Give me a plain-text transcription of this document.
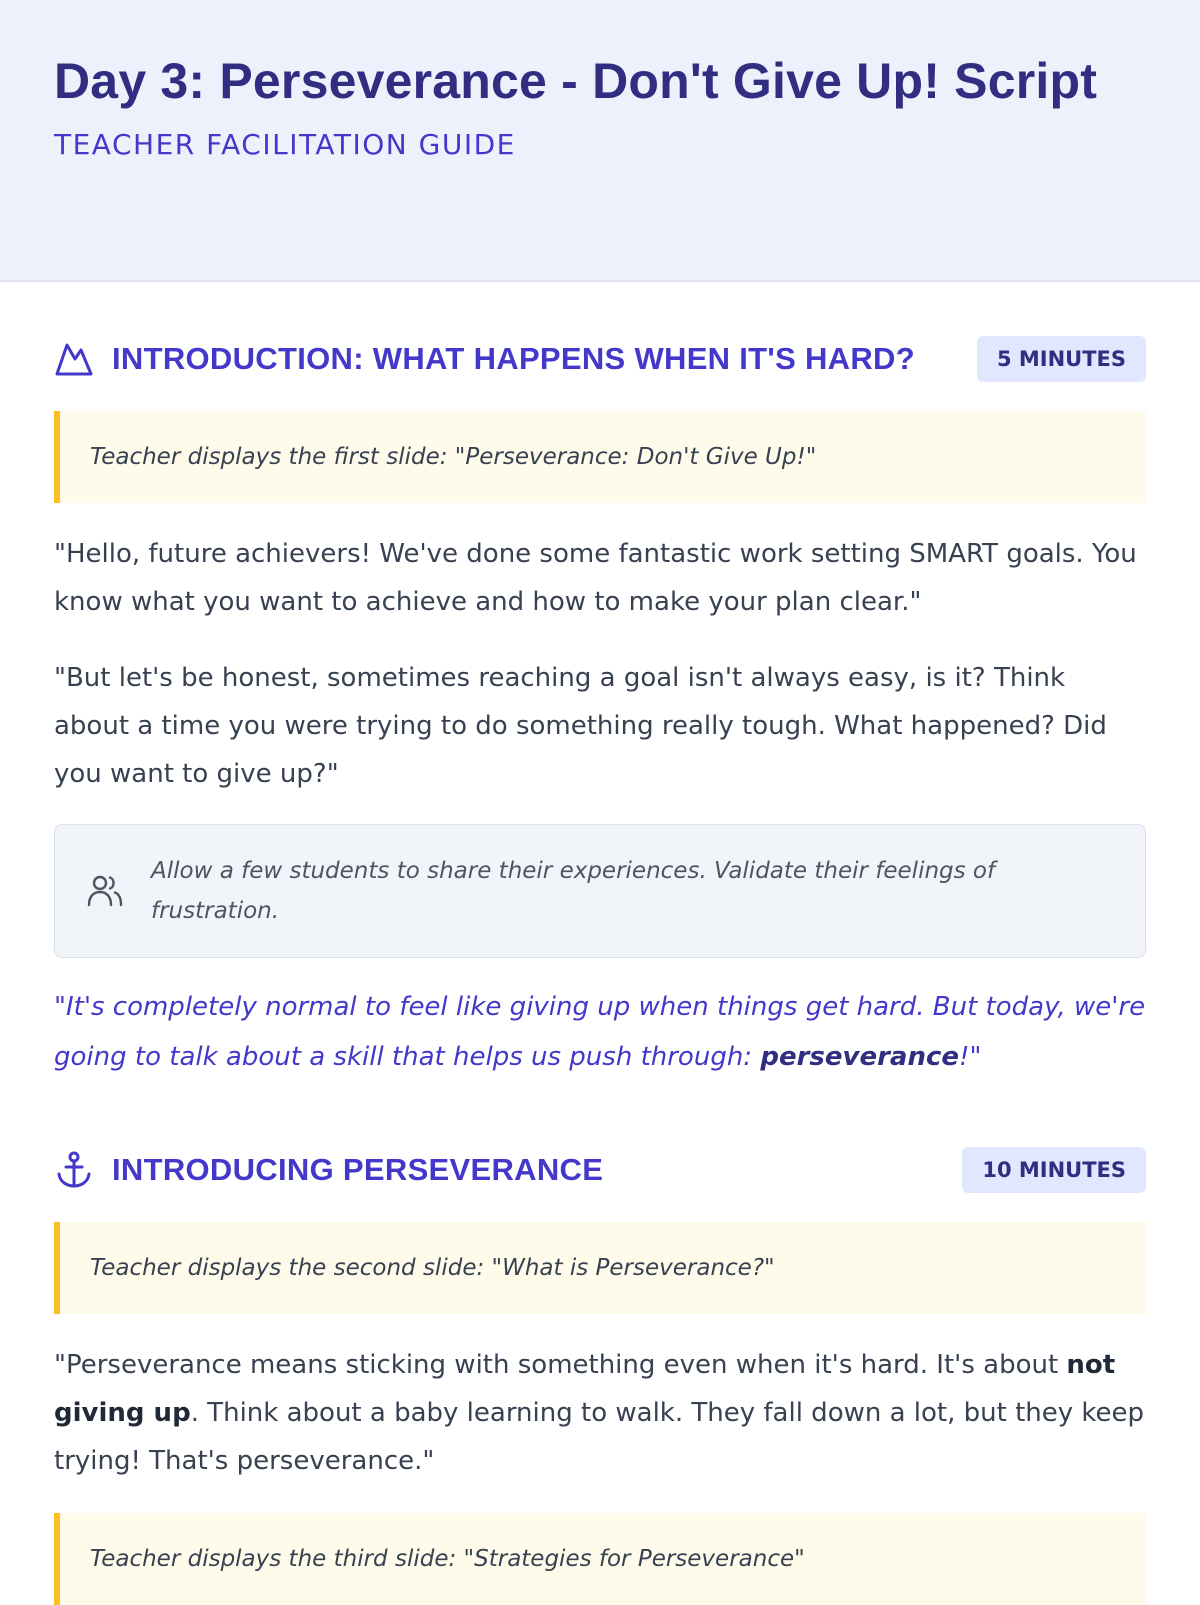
Day 3: Perseverance - Don't Give Up! Script
TEACHER FACILITATION GUIDE
INTRODUCTION: WHAT HAPPENS WHEN IT'S HARD?	5 MINUTES
Teacher displays the first slide: "Perseverance: Don't Give Up!"

"Hello, future achievers! We've done some fantastic work setting SMART goals. You know what you want to achieve and how to make your plan clear."

"But let's be honest, sometimes reaching a goal isn't always easy, is it? Think about a time you were trying to do something really tough. What happened? Did you want to give up?"

Allow a few students to share their experiences. Validate their feelings of frustration.

"It's completely normal to feel like giving up when things get hard. But today, we're going to talk about a skill that helps us push through: perseverance!"

INTRODUCING PERSEVERANCE	10 MINUTES
Teacher displays the second slide: "What is Perseverance?"

"Perseverance means sticking with something even when it's hard. It's about not giving up. Think about a baby learning to walk. They fall down a lot, but they keep trying! That's perseverance."

Teacher displays the third slide: "Strategies for Perseverance"
